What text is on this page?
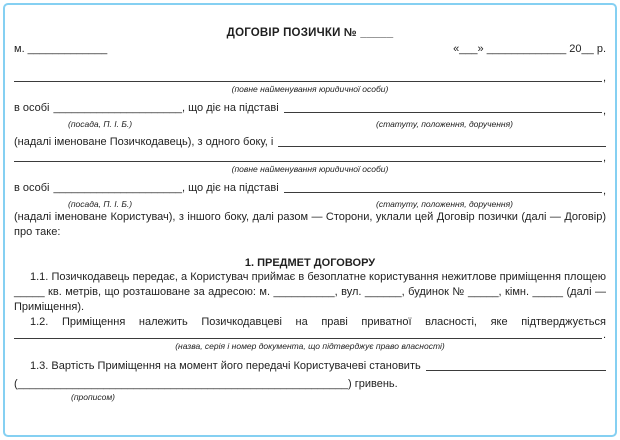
ДОГОВІР ПОЗИЧКИ № _____
м. _____________	«___» _____________ 20__ р.
,
(повне найменування юридичної особи)
в особі _____________________ , що діє на підставі	,
(посада, П. І. Б.)	(статуту, положення, доручення)
(надалі іменоване Позичкодавець), з одного боку, і
,
(повне найменування юридичної особи)
в особі _____________________ , що діє на підставі	,
(посада, П. І. Б.)	(статуту, положення, доручення)

(надалі іменоване Користувач), з іншого боку, далі разом — Сторони, уклали цей Договір позички (далі — Договір) про таке:

1. ПРЕДМЕТ ДОГОВОРУ

1.1. Позичкодавець передає, а Користувач приймає в безоплатне користування нежитлове приміщення площею _____ кв. метрів, що розташоване за адресою: м. __________, вул. ______, будинок № _____, кімн. _____ (далі — Приміщення).

1.2. Приміщення належить Позичкодавцеві на праві приватної власності, яке підтверджується

.
(назва, серія і номер документа, що підтверджує право власності)
1.3. Вартість Приміщення на момент його передачі Користувачеві становить
(______________________________________________________) гривень.
(прописом)
